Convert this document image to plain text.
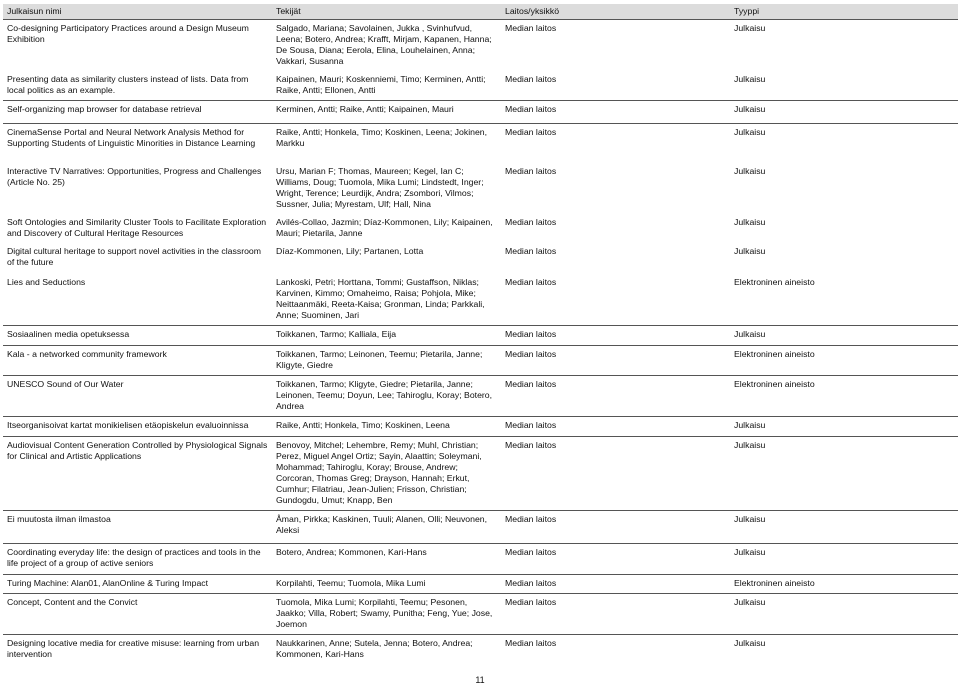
Julkaisun nimi	Tekijät	Laitos/yksikkö	Tyyppi
Co-designing Participatory Practices around a Design Museum Exhibition	Salgado, Mariana; Savolainen, Jukka , Svinhufvud, Leena; Botero, Andrea; Krafft, Mirjam, Kapanen, Hanna; De Sousa, Diana; Eerola, Elina, Louhelainen, Anna; Vakkari, Susanna	Median laitos	Julkaisu
Presenting data as similarity clusters instead of lists. Data from local politics as an example.	Kaipainen, Mauri; Koskenniemi, Timo; Kerminen, Antti; Raike, Antti; Ellonen, Antti	Median laitos	Julkaisu
Self-organizing map browser for database retrieval	Kerminen, Antti; Raike, Antti; Kaipainen, Mauri	Median laitos	Julkaisu
CinemaSense Portal and Neural Network Analysis Method for Supporting Students of Linguistic Minorities in Distance Learning	Raike, Antti; Honkela, Timo; Koskinen, Leena; Jokinen, Markku	Median laitos	Julkaisu
Interactive TV Narratives: Opportunities, Progress and Challenges (Article No. 25)	Ursu, Marian F; Thomas, Maureen; Kegel, Ian C; Williams, Doug; Tuomola, Mika Lumi; Lindstedt, Inger; Wright, Terence; Leurdijk, Andra; Zsombori, Vilmos; Sussner, Julia; Myrestam, Ulf; Hall, Nina	Median laitos	Julkaisu
Soft Ontologies and Similarity Cluster Tools to Facilitate Exploration and Discovery of Cultural Heritage Resources	Avilés-Collao, Jazmin; Díaz-Kommonen, Lily; Kaipainen, Mauri; Pietarila, Janne	Median laitos	Julkaisu
Digital cultural heritage to support novel activities in the classroom of the future	Díaz-Kommonen, Lily; Partanen, Lotta	Median laitos	Julkaisu
Lies and Seductions	Lankoski, Petri; Horttana, Tommi; Gustaffson, Niklas; Karvinen, Kimmo; Omaheimo, Raisa; Pohjola, Mike; Neittaanmäki, Reeta-Kaisa; Gronman, Linda; Parkkali, Anne; Suominen, Jari	Median laitos	Elektroninen aineisto
Sosiaalinen media opetuksessa	Toikkanen, Tarmo; Kalliala, Eija	Median laitos	Julkaisu
Kala - a networked community framework	Toikkanen, Tarmo; Leinonen, Teemu; Pietarila, Janne; Kligyte, Giedre	Median laitos	Elektroninen aineisto
UNESCO Sound of Our Water	Toikkanen, Tarmo; Kligyte, Giedre; Pietarila, Janne; Leinonen, Teemu; Doyun, Lee; Tahiroglu, Koray; Botero, Andrea	Median laitos	Elektroninen aineisto
Itseorganisoivat kartat monikielisen etäopiskelun evaluoinnissa	Raike, Antti; Honkela, Timo; Koskinen, Leena	Median laitos	Julkaisu
Audiovisual Content Generation Controlled by Physiological Signals for Clinical and Artistic Applications	Benovoy, Mitchel; Lehembre, Remy; Muhl, Christian; Perez, Miguel Angel Ortiz; Sayin, Alaattin; Soleymani, Mohammad; Tahiroglu, Koray; Brouse, Andrew; Corcoran, Thomas Greg; Drayson, Hannah; Erkut, Cumhur; Filatriau, Jean-Julien; Frisson, Christian; Gundogdu, Umut; Knapp, Ben	Median laitos	Julkaisu
Ei muutosta ilman ilmastoa	Åman, Pirkka; Kaskinen, Tuuli; Alanen, Olli; Neuvonen, Aleksi	Median laitos	Julkaisu
Coordinating everyday life: the design of practices and tools in the life project of a group of active seniors	Botero, Andrea; Kommonen, Kari-Hans	Median laitos	Julkaisu
Turing Machine: Alan01, AlanOnline & Turing Impact	Korpilahti, Teemu; Tuomola, Mika Lumi	Median laitos	Elektroninen aineisto
Concept, Content and the Convict	Tuomola, Mika Lumi; Korpilahti, Teemu; Pesonen, Jaakko; Villa, Robert; Swamy, Punitha; Feng, Yue; Jose, Joemon	Median laitos	Julkaisu
Designing locative media for creative misuse: learning from urban intervention	Naukkarinen, Anne; Sutela, Jenna; Botero, Andrea; Kommonen, Kari-Hans	Median laitos	Julkaisu
11
